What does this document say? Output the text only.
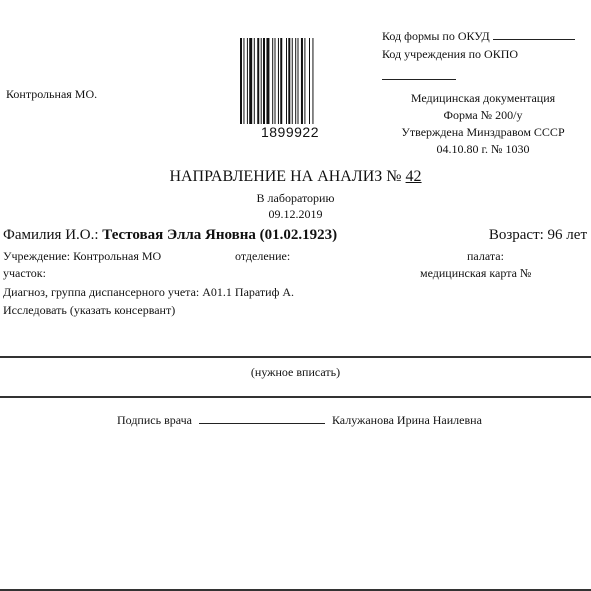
Контрольная МО.
1899922
Код формы по ОКУД
Код учреждения по ОКПО
Медицинская документация
Форма № 200/у
Утверждена Минздравом СССР
04.10.80 г. № 1030
НАПРАВЛЕНИЕ НА АНАЛИЗ № 42
В лабораторию
09.12.2019
Фамилия И.О.: Тестовая Элла Яновна (01.02.1923)	Возраст: 96 лет
Учреждение: Контрольная МО	отделение:	палата:
участок:	медицинская карта №
Диагноз, группа диспансерного учета: A01.1 Паратиф А.
Исследовать (указать консервант)
(нужное вписать)
Подпись врача	Калужанова Ирина Наилевна
